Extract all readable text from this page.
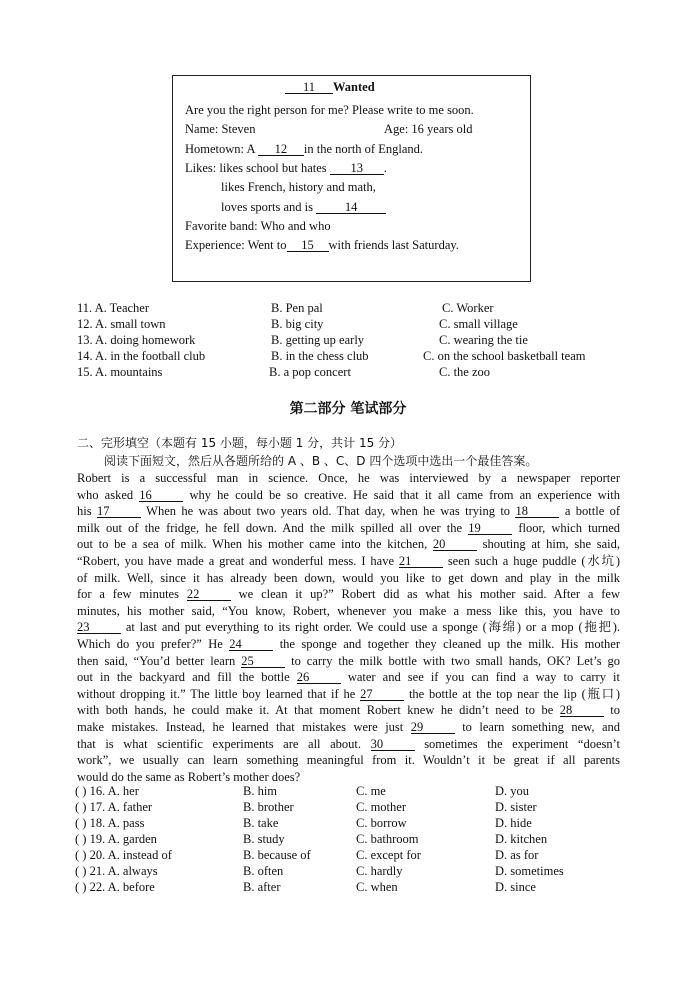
11 Wanted
Are you the right person for me? Please write to me soon.
Name: Steven	Age: 16 years old
Hometown: A 12 in the north of England.
Likes: likes school but hates 13 .
likes French, history and math,
loves sports and is 14
Favorite band: Who and who
Experience: Went to 15 with friends last Saturday.
11. A. Teacher	B. Pen pal	C. Worker
12. A. small town	B. big city	C. small village
13. A. doing homework	B. getting up early	C. wearing the tie
14. A. in the football club	B. in the chess club	C. on the school basketball team
15. A. mountains	B. a pop concert	C. the zoo
第二部分 笔试部分
二、完形填空（本题有 15 小题，每小题 1 分，共计 15 分）
阅读下面短文，然后从各题所给的 A 、B 、C、D 四个选项中选出一个最佳答案。
Robert is a successful man in science. Once, he was interviewed by a newspaper reporter
who asked 16	why he could be so creative. He said that it all came from an experience with
his 17	When he was about two years old. That day, when he was trying to 18	a bottle of
milk out of the fridge, he fell down. And the milk spilled all over the 19	floor, which turned
out to be a sea of milk. When his mother came into the kitchen, 20	shouting at him, she said,
“Robert, you have made a great and wonderful mess. I have 21	seen such a huge puddle (水坑)
of milk. Well, since it has already been down, would you like to get down and play in the milk
for a few minutes 22	we clean it up?” Robert did as what his mother said. After a few
minutes, his mother said, “You know, Robert, whenever you make a mess like this, you have to
23	at last and put everything to its right order. We could use a sponge (海绵) or a mop (拖把).
Which do you prefer?” He 24	the sponge and together they cleaned up the milk. His mother
then said, “You’d better learn 25	to carry the milk bottle with two small hands, OK? Let’s go
out in the backyard and fill the bottle 26	water and see if you can find a way to carry it
without dropping it.” The little boy learned that if he 27	the bottle at the top near the lip (瓶口)
with both hands, he could make it. At that moment Robert knew he didn’t need to be 28	to
make mistakes. Instead, he learned that mistakes were just 29	to learn something new, and
that is what scientific experiments are all about. 30	sometimes the experiment “doesn’t
work”, we usually can learn something meaningful from it. Wouldn’t it be great if all parents
would do the same as Robert’s mother does?
( ) 16. A. her	B. him	C. me	D. you
( ) 17. A. father	B. brother	C. mother	D. sister
( ) 18. A. pass	B. take	C. borrow	D. hide
( ) 19. A. garden	B. study	C. bathroom	D. kitchen
( ) 20. A. instead of	B. because of	C. except for	D. as for
( ) 21. A. always	B. often	C. hardly	D. sometimes
( ) 22. A. before	B. after	C. when	D. since
